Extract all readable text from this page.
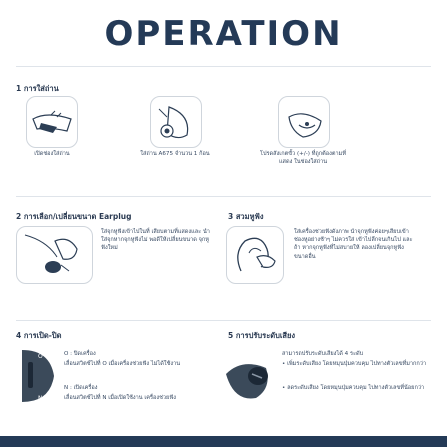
OPERATION
1 การใส่ถ่าน
เปิดช่องใส่ถ่าน	ใส่ถ่าน A675 จำนวน 1 ก้อน	โปรดสังเกตขั้ว (+/-) ที่ถูกต้องตามที่แสดง ในช่องใส่ถ่าน
2 การเลือก/เปลี่ยนขนาด Earplug
ใส่จุกหูฟังเข้าไปในที่ เสียบตามที่แสดงและ นำใส่จุกหากจุกหูฟังไม่ พอดีให้เปลี่ยนขนาด จุกหูฟังใหม่
3 สวมหูฟัง
ใส่เครื่องช่วยฟังดังภาพ นำจุกหูฟังค่อยๆเสียบเข้า ช่องหูอย่างช้าๆ ไม่ควรใส่ เข้าไปลึกจนเกินไป และถ้า หากจุกหูฟังที่ไม่สบายให้ ลองเปลี่ยนจุกหูฟังขนาดอื่น
4 การเปิด-ปิด
O
N
O : ปิดเครื่อง
เลื่อนสวิตช์ไปที่ O เมื่อเครื่องช่วยฟัง ไม่ได้ใช้งาน
N : เปิดเครื่อง
เลื่อนสวิตช์ไปที่ N เมื่อเปิดใช้งาน เครื่องช่วยฟัง
5 การปรับระดับเสียง
สามารถปรับระดับเสียงได้ 4 ระดับ
• เพิ่มระดับเสียง โดยหมุนปุ่มควบคุม ไปทางตัวเลขที่มากกว่า
• ลดระดับเสียง โดยหมุนปุ่มควบคุม ไปทางตัวเลขที่น้อยกว่า
